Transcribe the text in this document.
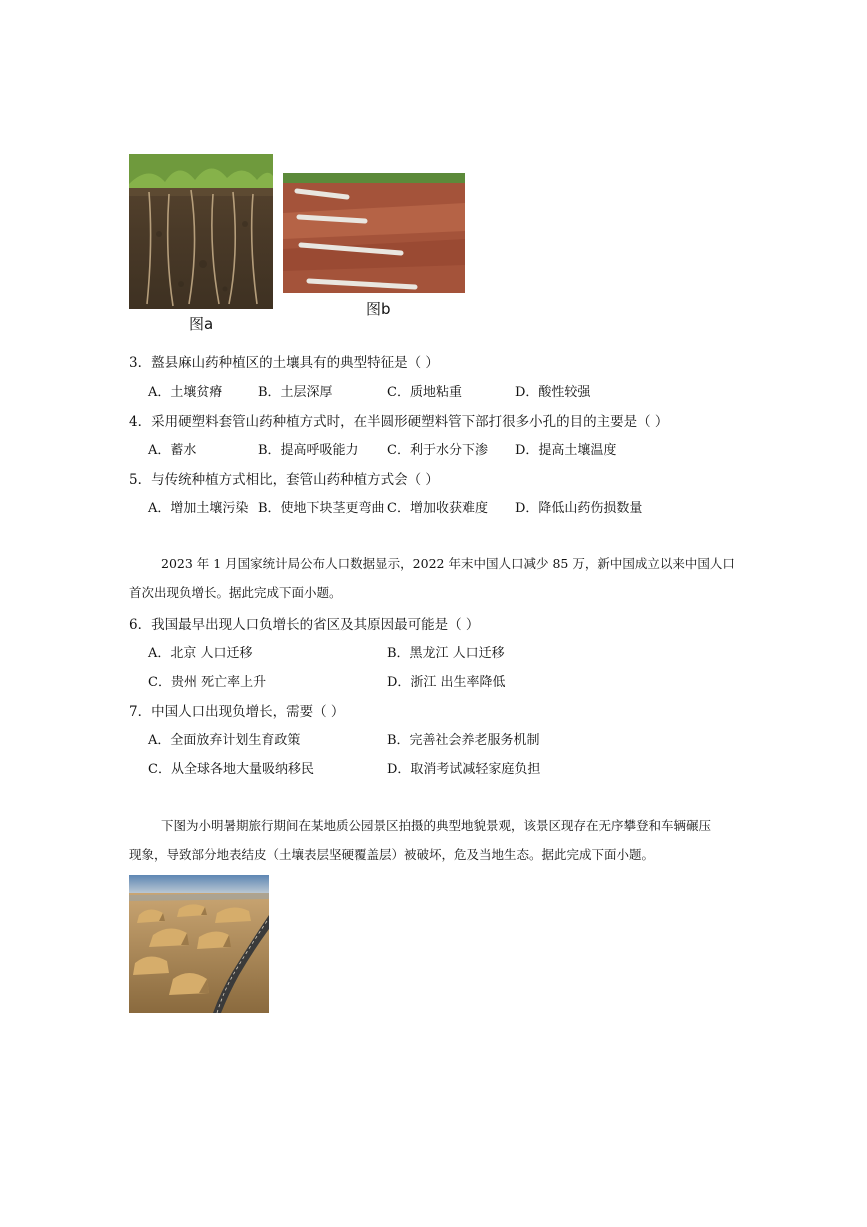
图a
图b
3．盩县麻山药种植区的土壤具有的典型特征是（ ）
A．土壤贫瘠	B．土层深厚	C．质地粘重	D．酸性较强
4．采用硬塑料套管山药种植方式时，在半圆形硬塑料管下部打很多小孔的目的主要是（ ）
A．蓄水	B．提高呼吸能力 C．利于水分下渗 D．提高土壤温度
5．与传统种植方式相比，套管山药种植方式会（ ）
A．增加土壤污染 B．使地下块茎更弯曲 C．增加收获难度 D．降低山药伤损数量
2023 年 1 月国家统计局公布人口数据显示，2022 年末中国人口减少 85 万，新中国成立以来中国人口
首次出现负增长。据此完成下面小题。
6．我国最早出现人口负增长的省区及其原因最可能是（ ）
A．北京 人口迁移	B．黑龙江 人口迁移
C．贵州 死亡率上升	D．浙江 出生率降低
7．中国人口出现负增长，需要（ ）
A．全面放弃计划生育政策	B．完善社会养老服务机制
C．从全球各地大量吸纳移民	D．取消考试减轻家庭负担
下图为小明暑期旅行期间在某地质公园景区拍摄的典型地貌景观，该景区现存在无序攀登和车辆碾压
现象，导致部分地表结皮（土壤表层坚硬覆盖层）被破坏，危及当地生态。据此完成下面小题。
